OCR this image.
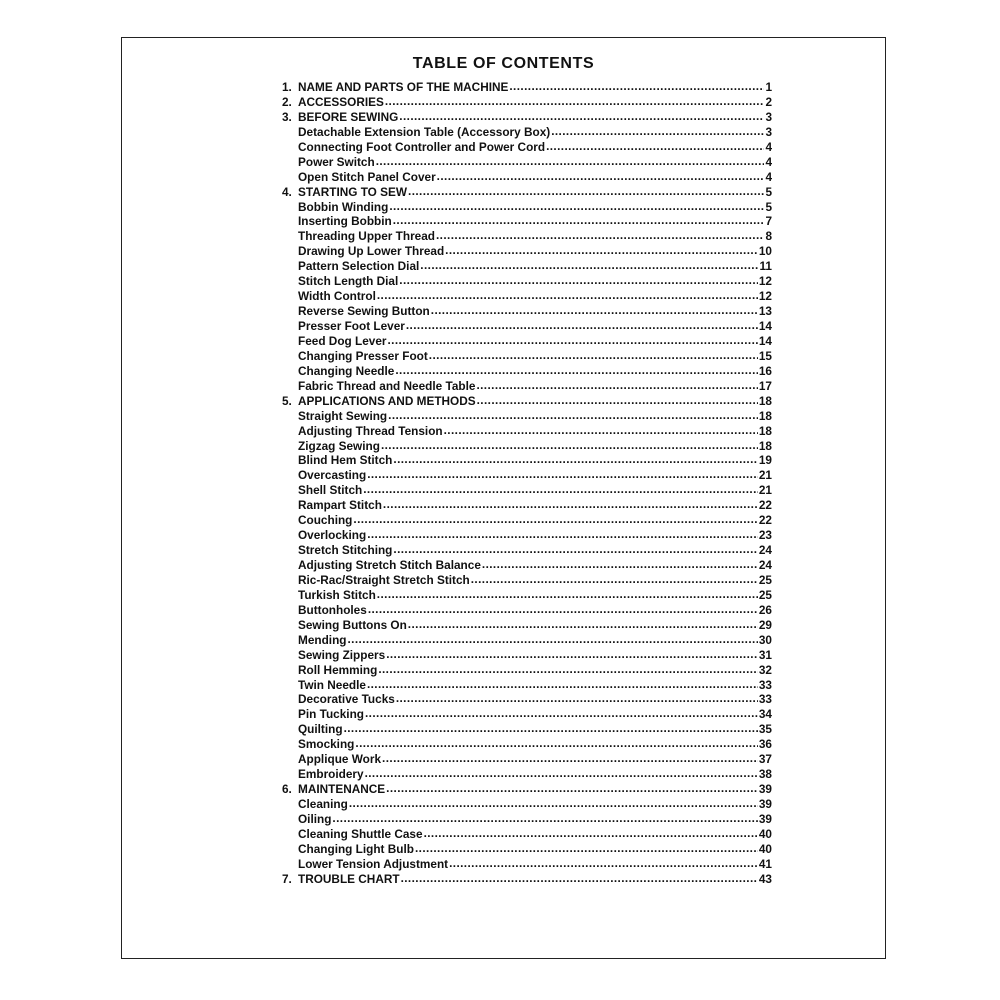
TABLE OF CONTENTS
1. NAME AND PARTS OF THE MACHINE .....	1
2. ACCESSORIES .....	2
3. BEFORE SEWING .....	3
Detachable Extension Table (Accessory Box) .....	3
Connecting Foot Controller and Power Cord .....	4
Power Switch .....	4
Open Stitch Panel Cover .....	4
4. STARTING TO SEW .....	5
Bobbin Winding .....	5
Inserting Bobbin .....	7
Threading Upper Thread .....	8
Drawing Up Lower Thread .....	10
Pattern Selection Dial .....	11
Stitch Length Dial .....	12
Width Control .....	12
Reverse Sewing Button .....	13
Presser Foot Lever .....	14
Feed Dog Lever .....	14
Changing Presser Foot .....	15
Changing Needle .....	16
Fabric Thread and Needle Table .....	17
5. APPLICATIONS AND METHODS .....	18
Straight Sewing .....	18
Adjusting Thread Tension .....	18
Zigzag Sewing .....	18
Blind Hem Stitch .....	19
Overcasting .....	21
Shell Stitch .....	21
Rampart Stitch .....	22
Couching .....	22
Overlocking .....	23
Stretch Stitching .....	24
Adjusting Stretch Stitch Balance .....	24
Ric-Rac/Straight Stretch Stitch .....	25
Turkish Stitch .....	25
Buttonholes .....	26
Sewing Buttons On .....	29
Mending .....	30
Sewing Zippers .....	31
Roll Hemming .....	32
Twin Needle .....	33
Decorative Tucks .....	33
Pin Tucking .....	34
Quilting .....	35
Smocking .....	36
Applique Work .....	37
Embroidery .....	38
6. MAINTENANCE .....	39
Cleaning .....	39
Oiling .....	39
Cleaning Shuttle Case .....	40
Changing Light Bulb .....	40
Lower Tension Adjustment .....	41
7. TROUBLE CHART .....	43
